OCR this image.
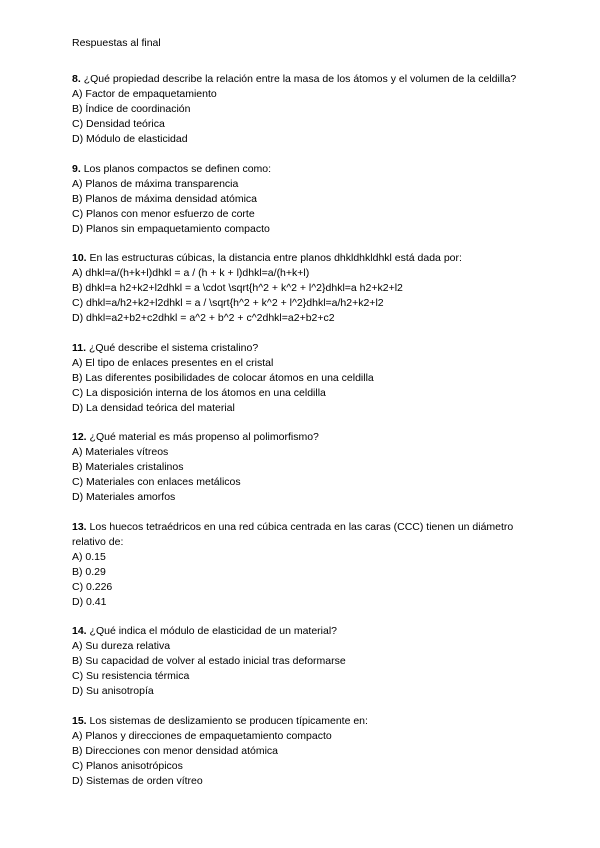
Respuestas al final
8. ¿Qué propiedad describe la relación entre la masa de los átomos y el volumen de la celdilla?
A) Factor de empaquetamiento
B) Índice de coordinación
C) Densidad teórica
D) Módulo de elasticidad
9. Los planos compactos se definen como:
A) Planos de máxima transparencia
B) Planos de máxima densidad atómica
C) Planos con menor esfuerzo de corte
D) Planos sin empaquetamiento compacto
10. En las estructuras cúbicas, la distancia entre planos dhkldhkldhkl está dada por:
A) dhkl=a/(h+k+l)dhkl = a / (h + k + l)dhkl=a/(h+k+l)
B) dhkl=a h2+k2+l2dhkl = a \cdot \sqrt{h^2 + k^2 + l^2}dhkl=a h2+k2+l2
C) dhkl=a/h2+k2+l2dhkl = a / \sqrt{h^2 + k^2 + l^2}dhkl=a/h2+k2+l2
D) dhkl=a2+b2+c2dhkl = a^2 + b^2 + c^2dhkl=a2+b2+c2
11. ¿Qué describe el sistema cristalino?
A) El tipo de enlaces presentes en el cristal
B) Las diferentes posibilidades de colocar átomos en una celdilla
C) La disposición interna de los átomos en una celdilla
D) La densidad teórica del material
12. ¿Qué material es más propenso al polimorfismo?
A) Materiales vítreos
B) Materiales cristalinos
C) Materiales con enlaces metálicos
D) Materiales amorfos
13. Los huecos tetraédricos en una red cúbica centrada en las caras (CCC) tienen un diámetro relativo de:
A) 0.15
B) 0.29
C) 0.226
D) 0.41
14. ¿Qué indica el módulo de elasticidad de un material?
A) Su dureza relativa
B) Su capacidad de volver al estado inicial tras deformarse
C) Su resistencia térmica
D) Su anisotropía
15. Los sistemas de deslizamiento se producen típicamente en:
A) Planos y direcciones de empaquetamiento compacto
B) Direcciones con menor densidad atómica
C) Planos anisotrópicos
D) Sistemas de orden vítreo
